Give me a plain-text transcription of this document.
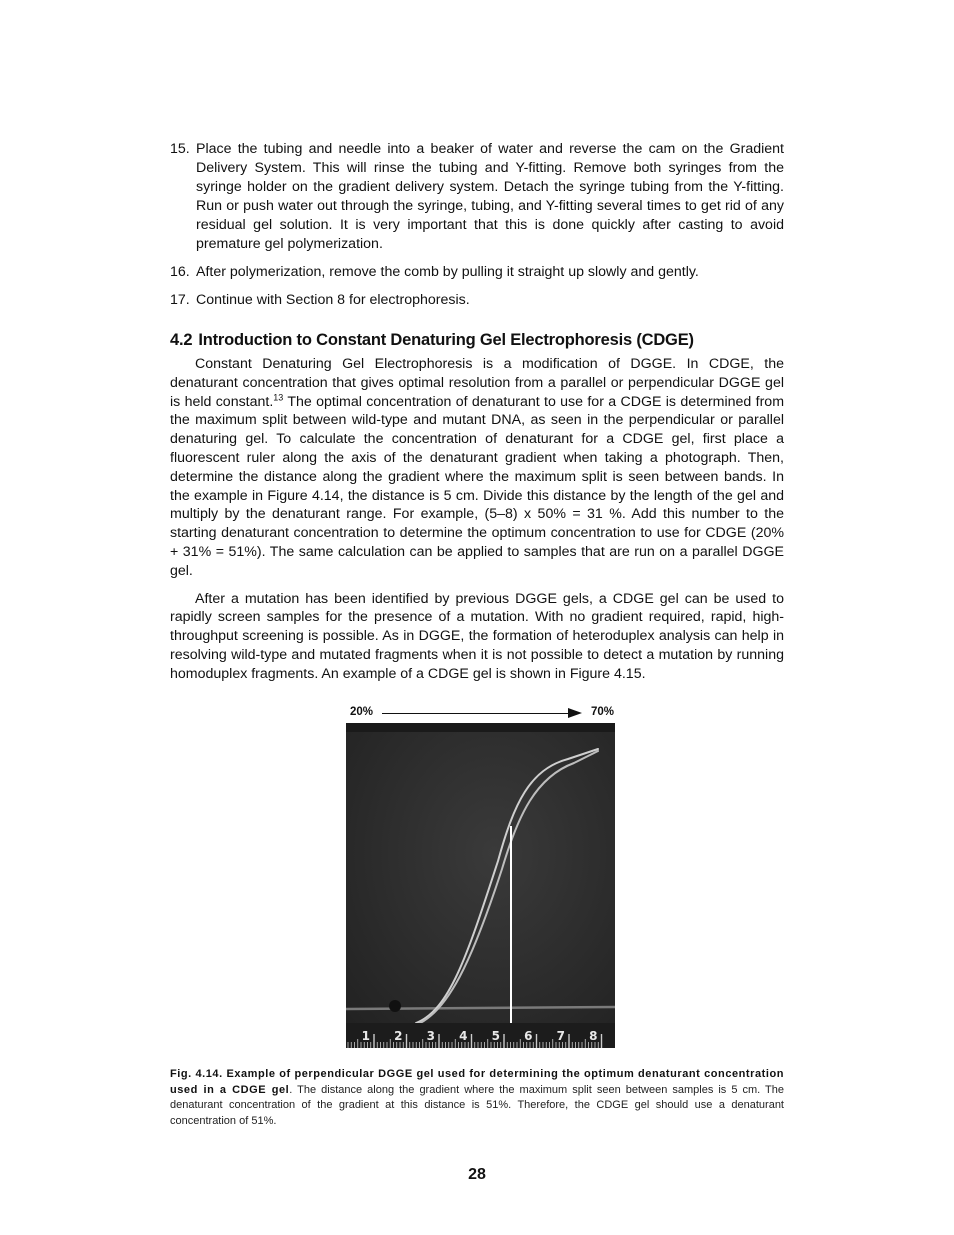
15. Place the tubing and needle into a beaker of water and reverse the cam on the Gradient Delivery System. This will rinse the tubing and Y-fitting. Remove both syringes from the syringe holder on the gradient delivery system. Detach the syringe tubing from the Y-fitting. Run or push water out through the syringe, tubing, and Y-fitting several times to get rid of any residual gel solution. It is very important that this is done quickly after casting to avoid premature gel polymerization.
16. After polymerization, remove the comb by pulling it straight up slowly and gently.
17. Continue with Section 8 for electrophoresis.
4.2 Introduction to Constant Denaturing Gel Electrophoresis (CDGE)

Constant Denaturing Gel Electrophoresis is a modification of DGGE. In CDGE, the denaturant concentration that gives optimal resolution from a parallel or perpendicular DGGE gel is held constant.$^{13}$ The optimal concentration of denaturant to use for a CDGE is determined from the maximum split between wild-type and mutant DNA, as seen in the perpendicular or parallel denaturing gel. To calculate the concentration of denaturant for a CDGE gel, first place a fluorescent ruler along the axis of the denaturant gradient when taking a photograph. Then, determine the distance along the gradient where the maximum split is seen between bands. In the example in Figure 4.14, the distance is 5 cm. Divide this distance by the length of the gel and multiply by the denaturant range. For example, (5–8) x 50% = 31 %. Add this number to the starting denaturant concentration to determine the optimum concentration to use for CDGE (20% + 31% = 51%). The same calculation can be applied to samples that are run on a parallel DGGE gel.

After a mutation has been identified by previous DGGE gels, a CDGE gel can be used to rapidly screen samples for the presence of a mutation. With no gradient required, rapid, high-throughput screening is possible. As in DGGE, the formation of heteroduplex analysis can help in resolving wild-type and mutated fragments when it is not possible to detect a mutation by running homoduplex fragments. An example of a CDGE gel is shown in Figure 4.15.

20%	70%
1 2 3 4 5 6 7 8
Fig. 4.14. Example of perpendicular DGGE gel used for determining the optimum denaturant concentration used in a CDGE gel. The distance along the gradient where the maximum split seen between samples is 5 cm. The denaturant concentration of the gradient at this distance is 51%. Therefore, the CDGE gel should use a denaturant concentration of 51%.
28
